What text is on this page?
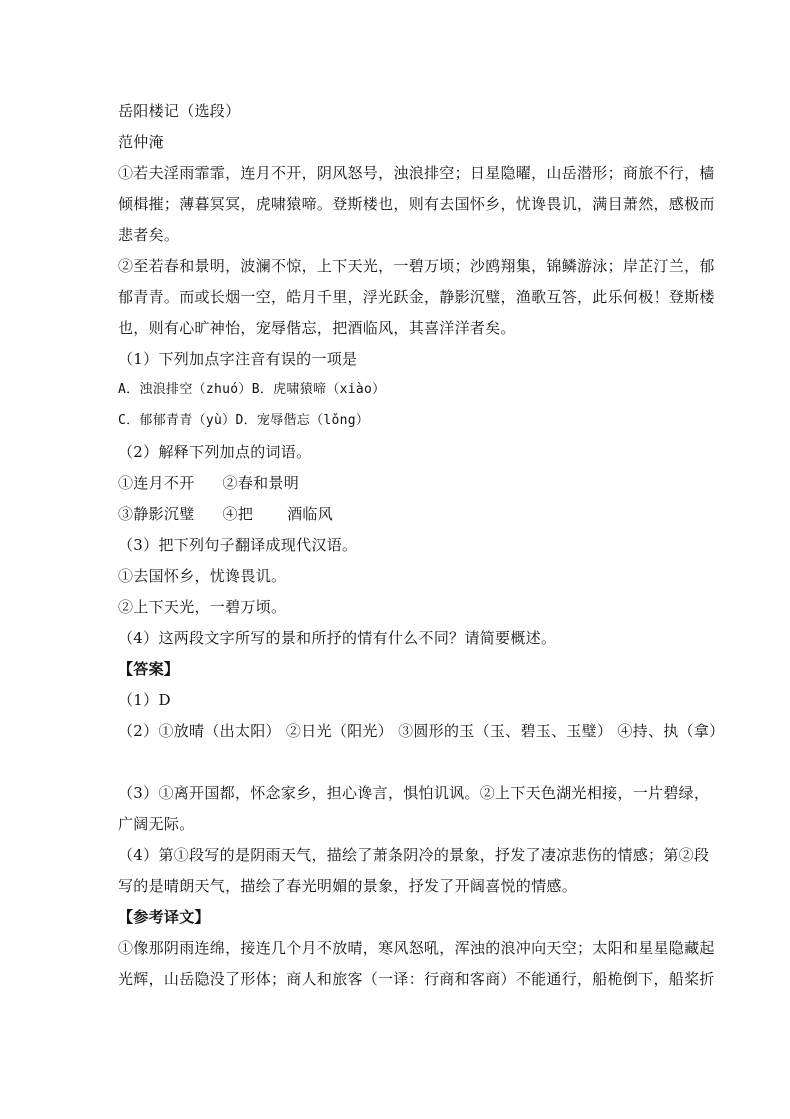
岳阳楼记（选段）
范仲淹
①若夫淫雨霏霏，连月不开，阴风怒号，浊浪排空；日星隐曜，山岳潜形；商旅不行，樯
倾楫摧；薄暮冥冥，虎啸猿啼。登斯楼也，则有去国怀乡，忧谗畏讥，满目萧然，感极而
悲者矣。
②至若春和景明，波澜不惊，上下天光，一碧万顷；沙鸥翔集，锦鳞游泳；岸芷汀兰，郁
郁青青。而或长烟一空，皓月千里，浮光跃金，静影沉璧，渔歌互答，此乐何极！登斯楼
也，则有心旷神怡，宠辱偕忘，把酒临风，其喜洋洋者矣。
（1）下列加点字注音有误的一项是
A．浊浪排空（zhuó）B．虎啸猿啼（xiào）
C．郁郁青青（yù）D．宠辱偕忘（lǒng）
（2）解释下列加点的词语。
①连月不开 ②春和景明
③静影沉璧 ④把 酒临风
（3）把下列句子翻译成现代汉语。
①去国怀乡，忧谗畏讥。
②上下天光，一碧万顷。
（4）这两段文字所写的景和所抒的情有什么不同？请简要概述。
【答案】
（1）D
（2）①放晴（出太阳） ②日光（阳光） ③圆形的玉（玉、碧玉、玉璧） ④持、执（拿）
（3）①离开国都，怀念家乡，担心谗言，惧怕讥讽。②上下天色湖光相接，一片碧绿，
广阔无际。
（4）第①段写的是阴雨天气，描绘了萧条阴冷的景象，抒发了凄凉悲伤的情感；第②段
写的是晴朗天气，描绘了春光明媚的景象，抒发了开阔喜悦的情感。
【参考译文】
①像那阴雨连绵，接连几个月不放晴，寒风怒吼，浑浊的浪冲向天空；太阳和星星隐藏起
光辉，山岳隐没了形体；商人和旅客（一译：行商和客商）不能通行，船桅倒下，船桨折
